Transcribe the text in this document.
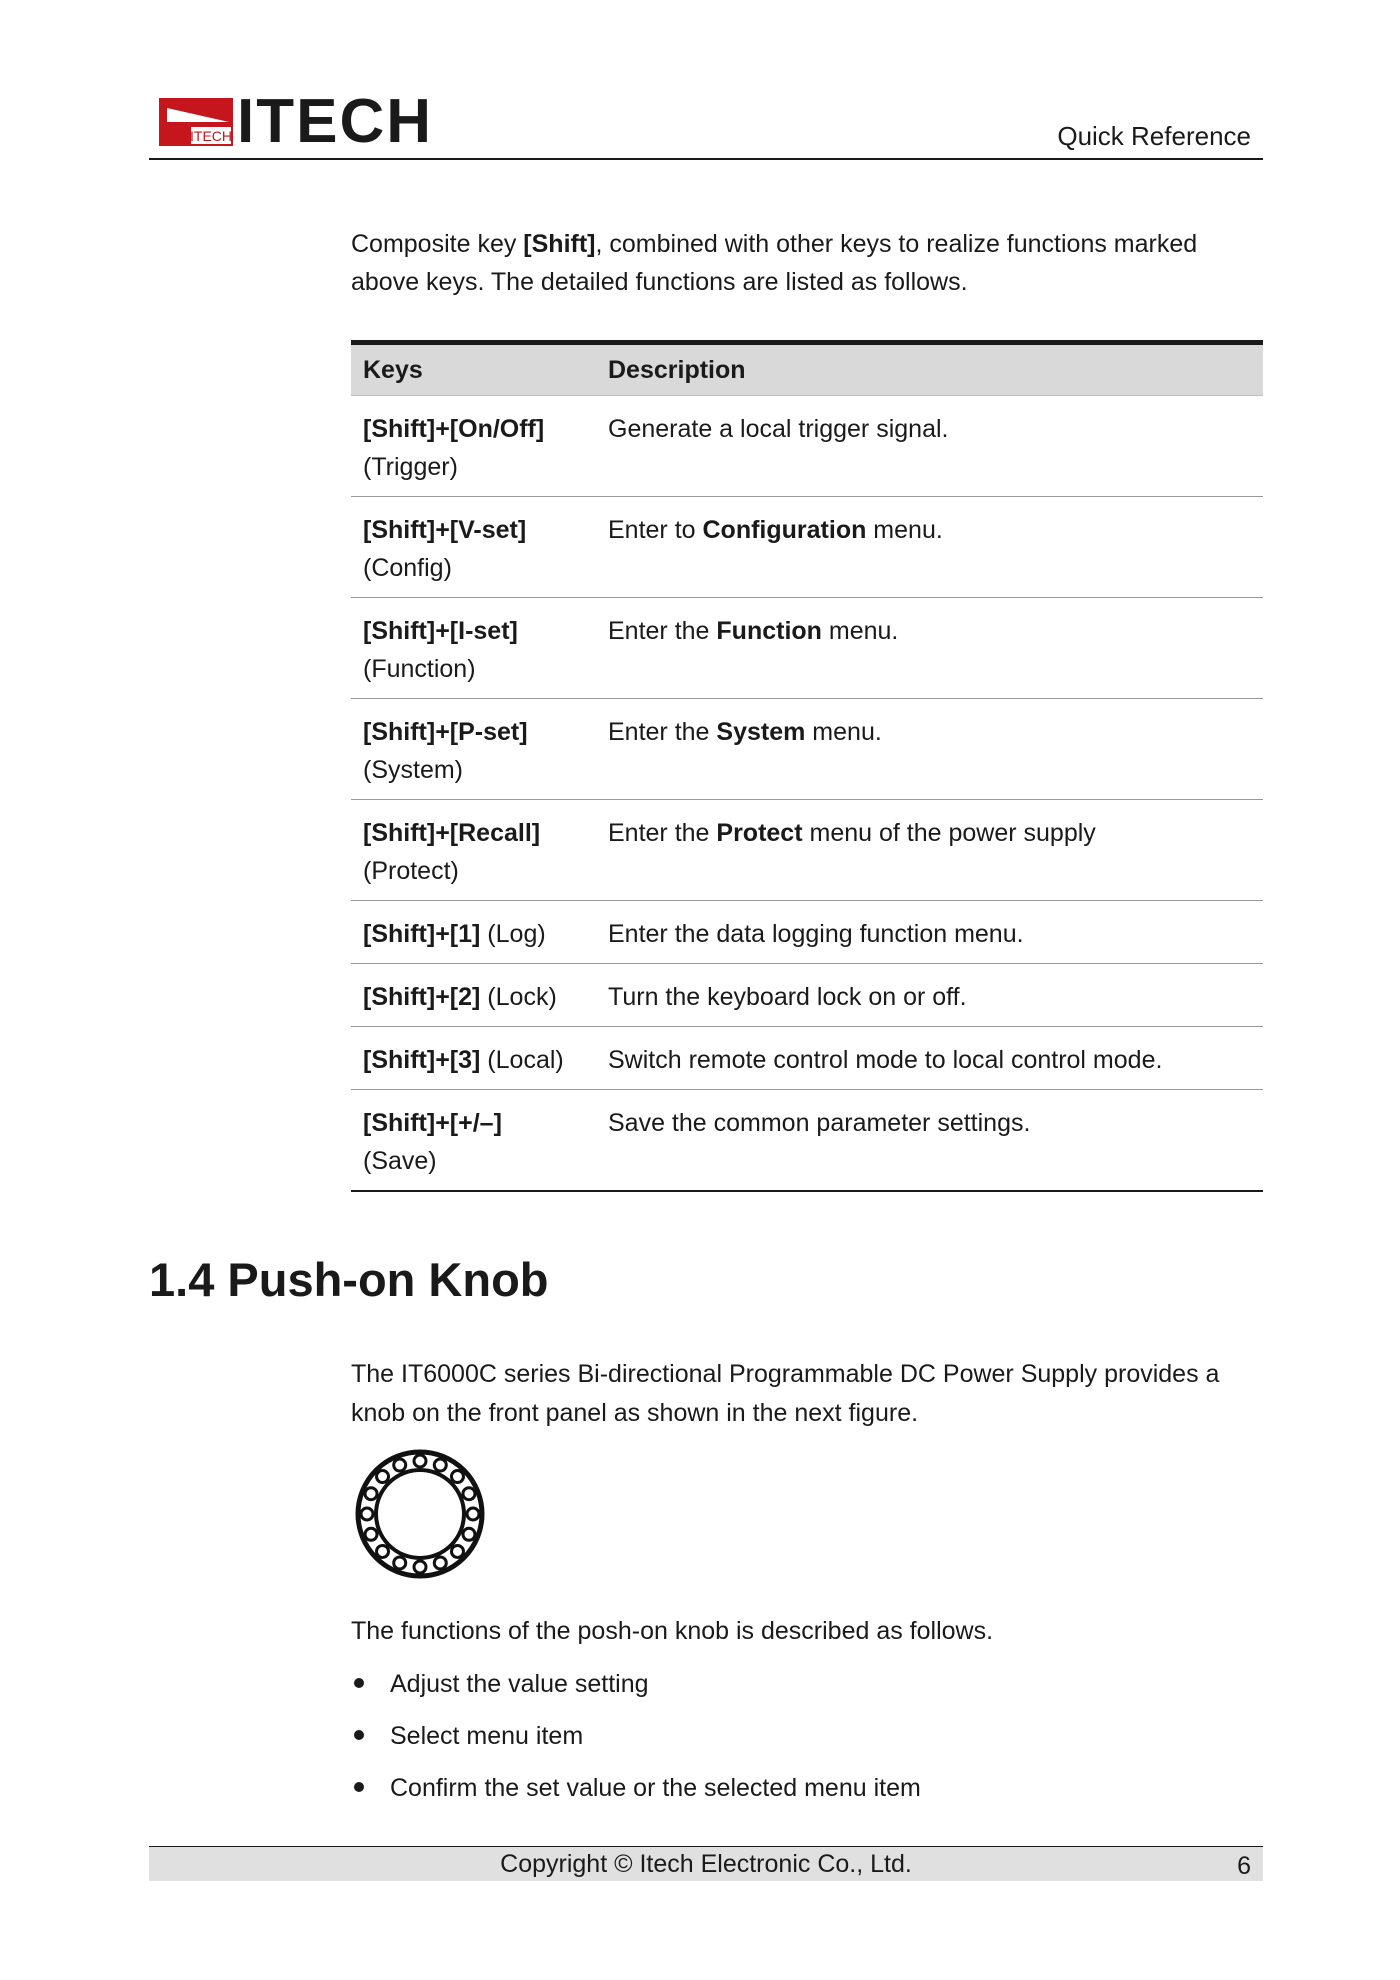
ITECH ITECH	Quick Reference
Composite key [Shift], combined with other keys to realize functions marked above keys. The detailed functions are listed as follows.
Keys	Description
[Shift]+[On/Off]
(Trigger)	Generate a local trigger signal.
[Shift]+[V-set]
(Config)	Enter to Configuration menu.
[Shift]+[I-set]
(Function)	Enter the Function menu.
[Shift]+[P-set]
(System)	Enter the System menu.
[Shift]+[Recall]
(Protect)	Enter the Protect menu of the power supply
[Shift]+[1] (Log)	Enter the data logging function menu.
[Shift]+[2] (Lock)	Turn the keyboard lock on or off.
[Shift]+[3] (Local)	Switch remote control mode to local control mode.
[Shift]+[+/–]
(Save)	Save the common parameter settings.
1.4 Push-on Knob
The IT6000C series Bi-directional Programmable DC Power Supply provides a knob on the front panel as shown in the next figure.
The functions of the posh-on knob is described as follows.
Adjust the value setting
Select menu item
Confirm the set value or the selected menu item
Copyright © Itech Electronic Co., Ltd.	6
